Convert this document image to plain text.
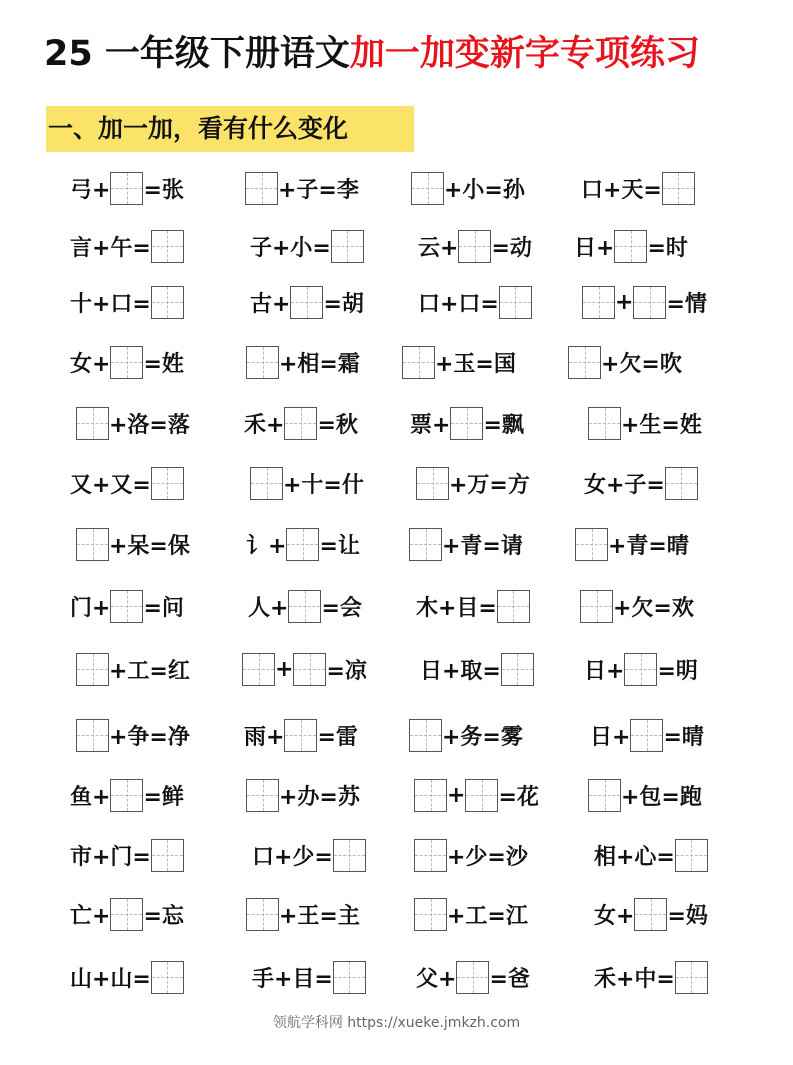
25 一年级下册语文加一加变新字专项练习
一、加一加，看有什么变化
弓+ =张	+子=李	+小=孙	口+天=
言+午=	子+小=	云+ =动 日+ =时
十+口=	古+ =胡 口+口=	+ =情
女+ =姓	+相=霜	+玉=国	+欠=吹
+洛=落 禾+ =秋 票+ =飘	+生=姓
又+又=	+十=什	+万=方 女+子=
+呆=保	讠+ =让	+青=请	+青=晴
门+ =问	人+ =会 木+目=	+欠=欢
+工=红	+ =凉 日+取=	日+ =明
+争=净 雨+ =雷	+务=雾	日+ =晴
鱼+ =鲜	+办=苏	+ =花	+包=跑
市+门=	口+少=	+少=沙	相+心=
亡+ =忘	+王=主	+工=江	女+ =妈
山+山=	手+目=	父+ =爸	禾+中=
领航学科网 https://xueke.jmkzh.com
